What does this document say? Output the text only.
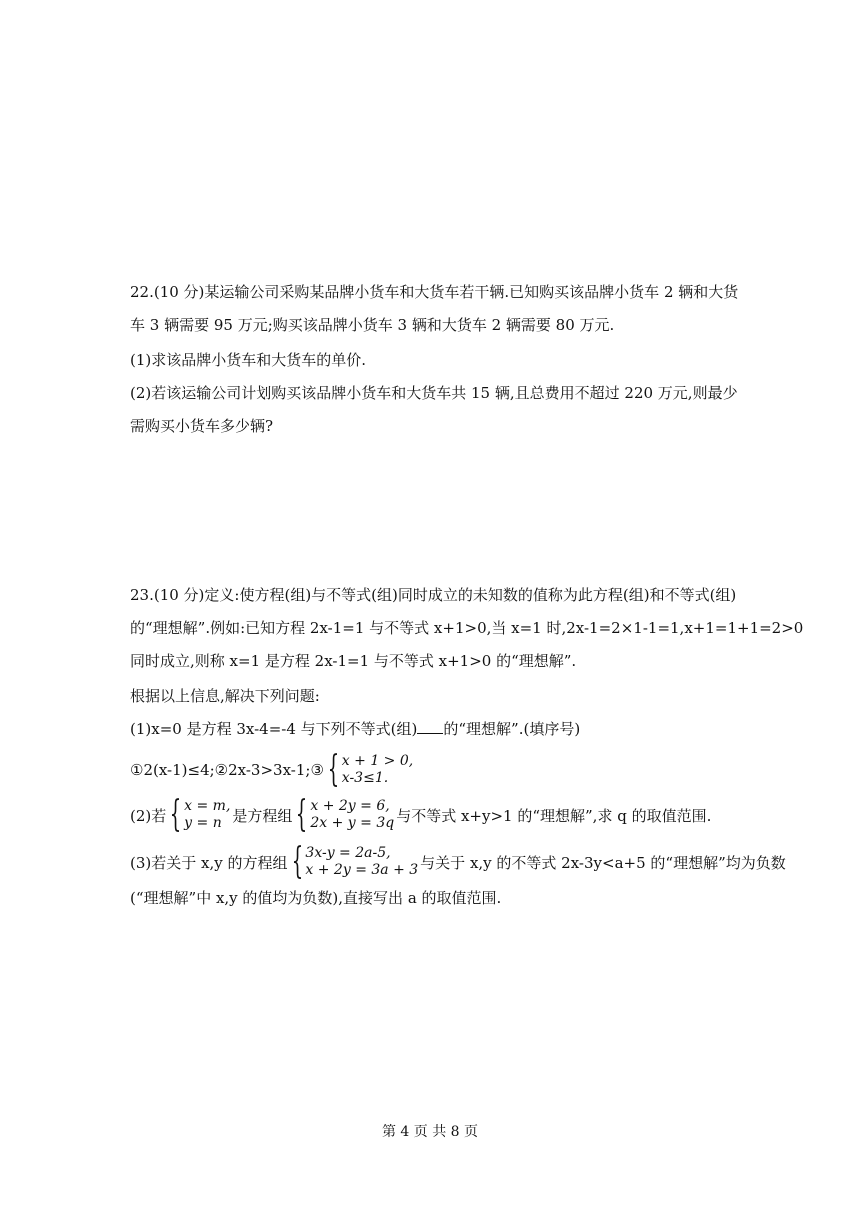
22.(10 分)某运输公司采购某品牌小货车和大货车若干辆.已知购买该品牌小货车 2 辆和大货
车 3 辆需要 95 万元;购买该品牌小货车 3 辆和大货车 2 辆需要 80 万元.
(1)求该品牌小货车和大货车的单价.
(2)若该运输公司计划购买该品牌小货车和大货车共 15 辆,且总费用不超过 220 万元,则最少
需购买小货车多少辆?
23.(10 分)定义:使方程(组)与不等式(组)同时成立的未知数的值称为此方程(组)和不等式(组)
的“理想解”.例如:已知方程 2x-1=1 与不等式 x+1>0,当 x=1 时,2x-1=2×1-1=1,x+1=1+1=2>0
同时成立,则称 x=1 是方程 2x-1=1 与不等式 x+1>0 的“理想解”.
根据以上信息,解决下列问题:
(1)x=0 是方程 3x-4=-4 与下列不等式(组) 的“理想解”.(填序号)
①2(x-1)≤4;②2x-3>3x-1;③ { x + 1 > 0,
x-3≤1.
(2)若 { x = m,
y = n 是方程组 { x + 2y = 6,
2x + y = 3q 与不等式 x+y>1 的“理想解”,求 q 的取值范围.
(3)若关于 x,y 的方程组 { 3x-y = 2a-5,
x + 2y = 3a + 3 与关于 x,y 的不等式 2x-3y<a+5 的“理想解”均为负数
(“理想解”中 x,y 的值均为负数),直接写出 a 的取值范围.
第 4 页 共 8 页
